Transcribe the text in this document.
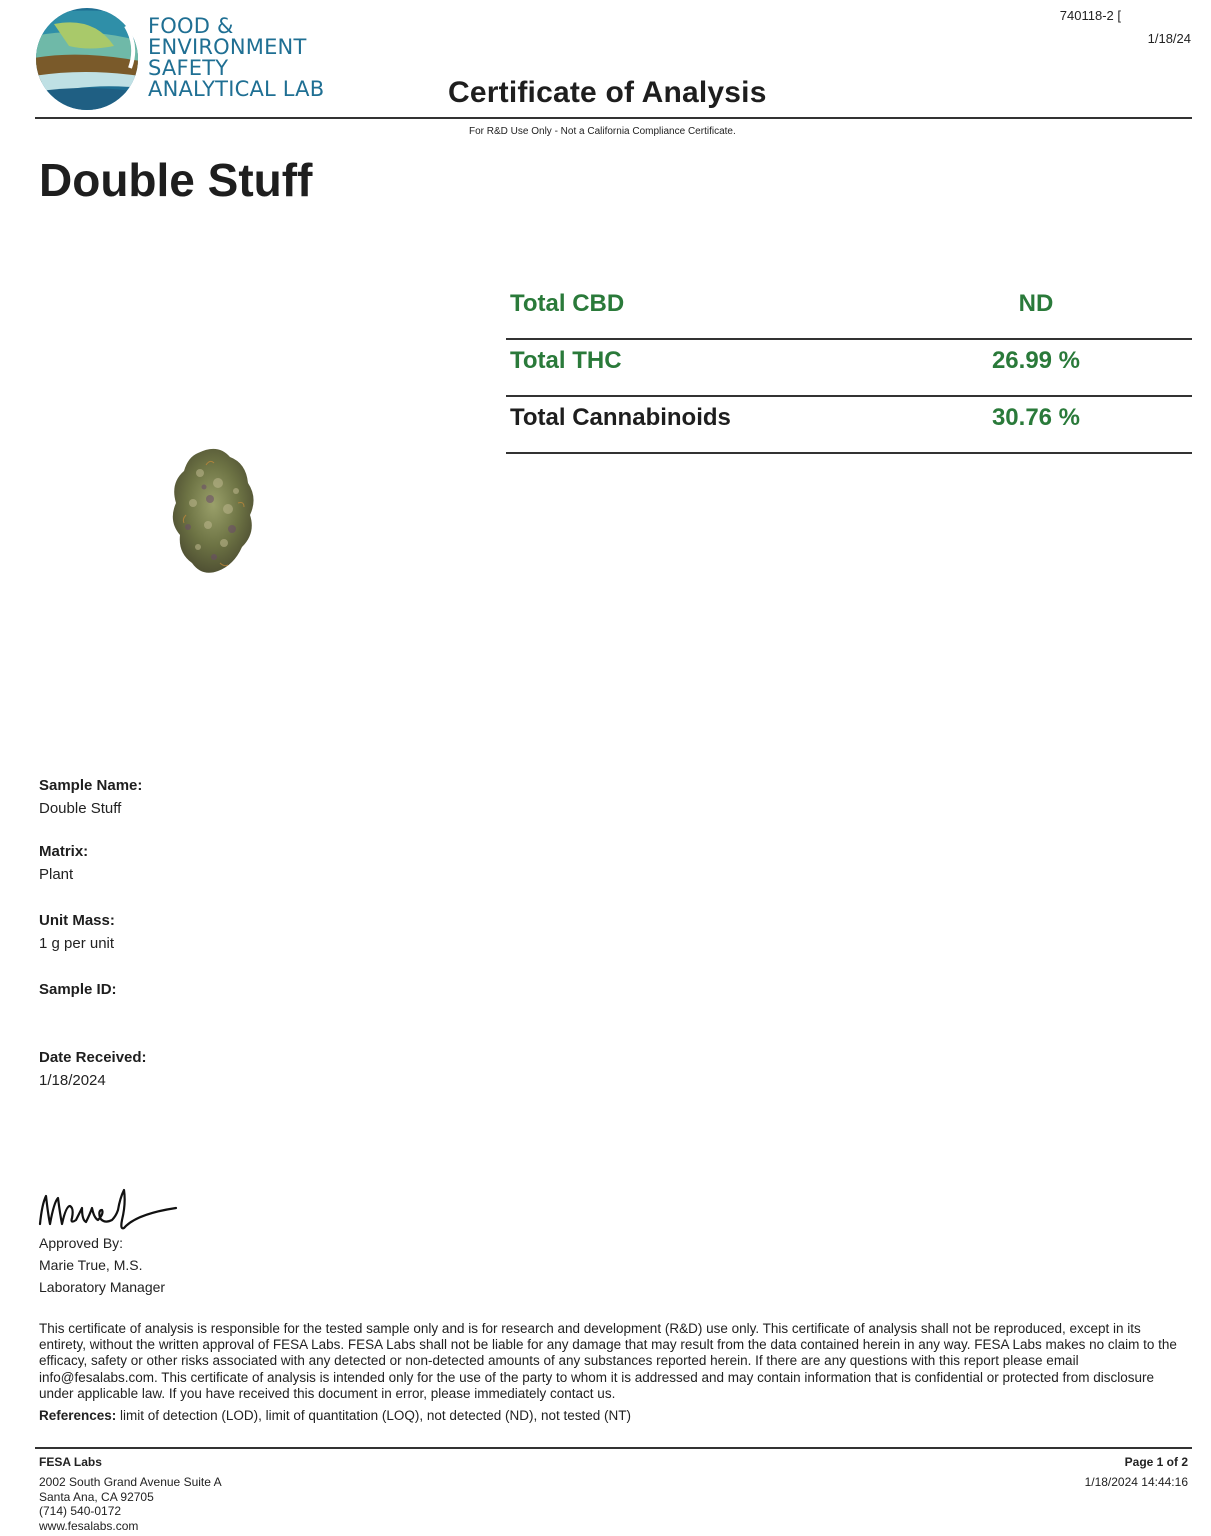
FOOD &
ENVIRONMENT
SAFETY
ANALYTICAL LAB
740118-2 [
1/18/24
Certificate of Analysis
For R&D Use Only - Not a California Compliance Certificate.
Double Stuff
Total CBD	ND
Total THC	26.99 %
Total Cannabinoids	30.76 %
Sample Name:
Double Stuff
Matrix:
Plant
Unit Mass:
1 g per unit
Sample ID:
Date Received:
1/18/2024
Approved By:
Marie True, M.S.
Laboratory Manager
This certificate of analysis is responsible for the tested sample only and is for research and development (R&D) use only. This certificate of analysis shall not be reproduced, except in its entirety, without the written approval of FESA Labs. FESA Labs shall not be liable for any damage that may result from the data contained herein in any way. FESA Labs makes no claim to the efficacy, safety or other risks associated with any detected or non-detected amounts of any substances reported herein. If there are any questions with this report please email info@fesalabs.com. This certificate of analysis is intended only for the use of the party to whom it is addressed and may contain information that is confidential or protected from disclosure under applicable law. If you have received this document in error, please immediately contact us.
References: limit of detection (LOD), limit of quantitation (LOQ), not detected (ND), not tested (NT)
FESA Labs
2002 South Grand Avenue Suite A
Santa Ana, CA 92705
(714) 540-0172
www.fesalabs.com
Page 1 of 2
1/18/2024 14:44:16
